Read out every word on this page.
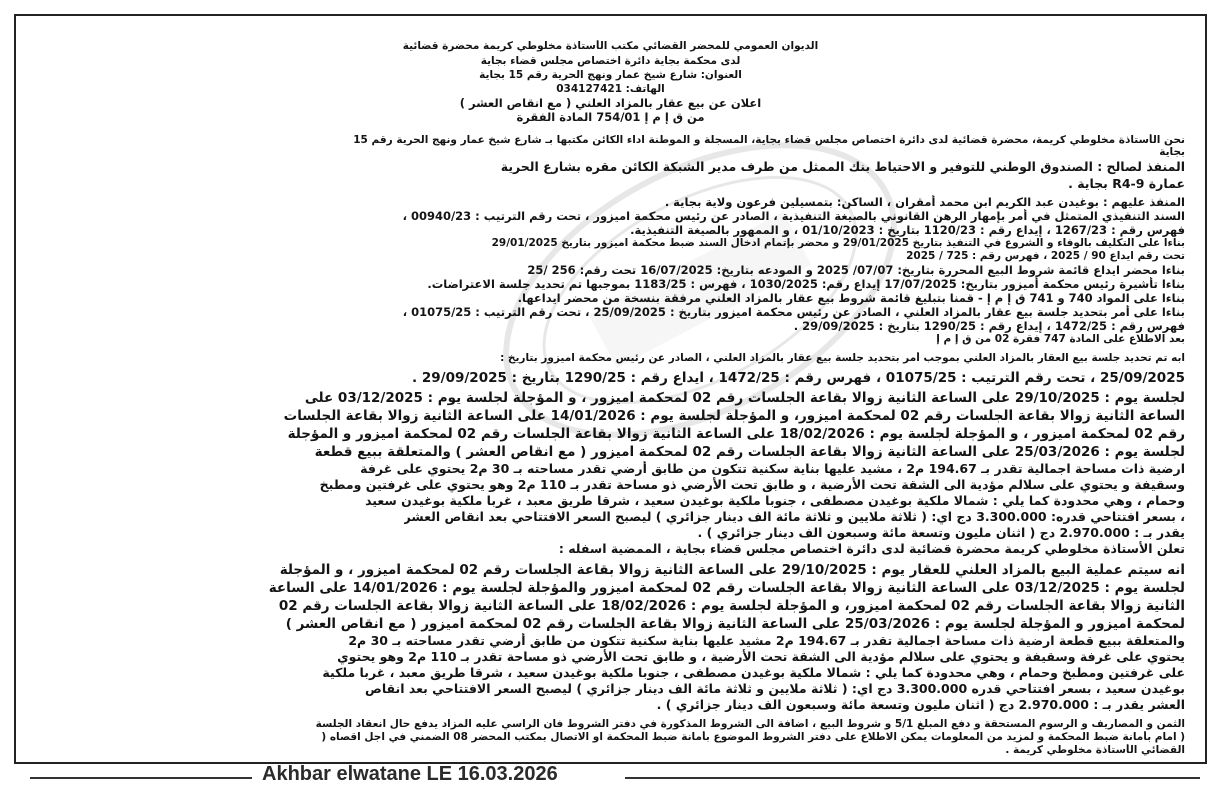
الديوان العمومي للمحضر القضائي مكتب الأستاذة مخلوطي كريمة محضرة قضائية
لدى محكمة بجاية دائرة اختصاص مجلس قضاء بجاية
العنوان: شارع شيخ عمار ونهج الحرية رقم 15 بجاية
الهاتف: 034127421
اعلان عن بيع عقار بالمزاد العلني ( مع انقاص العشر )
من ق إ م إ 754/01 المادة الفقرة
نحن الأستاذة مخلوطي كريمة، محضرة قضائية لدى دائرة اختصاص مجلس قضاء بجاية، المسجلة و الموطنة اداء الكائن مكتبها بـ شارع شيخ عمار ونهج الحرية رقم 15
بجاية
المنفذ لصالح : الصندوق الوطني للتوفير و الاحتياط بنك الممثل من طرف مدير الشبكة الكائن مقره بشارع الحرية
عمارة 9-R4 بجاية .
المنفذ عليهم : بوغيدن عبد الكريم ابن محمد أمقران ، الساكن: بتمسيلين فرعون ولاية بجاية .
السند التنفيذي المتمثل في أمر بإمهار الرهن القانوني بالصيغة التنفيذية ، الصادر عن رئيس محكمة اميزور ، تحت رقم الترتيب : 00940/23 ،
فهرس رقم : 1267/23 ، إيداع رقم : 1120/23 بتاريخ : 01/10/2023 ، و الممهور بالصيغة التنفيذية.
بناءا على التكليف بالوفاء و الشروع في التنفيذ بتاريخ 29/01/2025 و محضر بإتمام ادخال السند ضبط محكمة اميزور بتاريخ 29/01/2025
تحت رقم ايداع 90 / 2025 ، فهرس رقم : 725 / 2025
بناءا محضر ايداع قائمة شروط البيع المحررة بتاريخ: 07/07/ 2025 و المودعه بتاريخ: 16/07/2025 تحت رقم: 256 /25
بناءا تأشيرة رئيس محكمة أميزور بتاريخ: 17/07/2025 إيداع رقم: 1030/2025 ، فهرس : 1183/25 بموجبها تم تحديد جلسة الاعتراضات.
بناءا على المواد 740 و 741 ق إ م إ - قمنا بتبليغ قائمة شروط بيع عقار بالمزاد العلني مرفقة بنسخة من محضر ايداعها.
بناءا على أمر بتحديد جلسة بيع عقار بالمزاد العلني ، الصادر عن رئيس محكمة اميزور بتاريخ : 25/09/2025 ، تحت رقم الترتيب : 01075/25 ،
فهرس رقم : 1472/25 ، إيداع رقم : 1290/25 بتاريخ : 29/09/2025 .
بعد الاطلاع على المادة 747 فقرة 02 من ق إ م إ
ابه تم تحديد جلسة بيع العقار بالمزاد العلني بموجب أمر بتحديد جلسة بيع عقار بالمزاد العلني ، الصادر عن رئيس محكمة اميزور بتاريخ :
25/09/2025 ، تحت رقم الترتيب : 01075/25 ، فهرس رقم : 1472/25 ، ايداع رقم : 1290/25 بتاريخ : 29/09/2025 .
لجلسة يوم : 29/10/2025 على الساعة الثانية زوالا بقاعة الجلسات رقم 02 لمحكمة اميزور ، و المؤجلة لجلسة يوم : 03/12/2025 على
الساعة الثانية زوالا بقاعة الجلسات رقم 02 لمحكمة اميزور، و المؤجلة لجلسة يوم : 14/01/2026 على الساعة الثانية زوالا بقاعة الجلسات
رقم 02 لمحكمة اميزور ، و المؤجلة لجلسة يوم : 18/02/2026 على الساعة الثانية زوالا بقاعة الجلسات رقم 02 لمحكمة اميزور و المؤجلة
لجلسة يوم : 25/03/2026 على الساعة الثانية زوالا بقاعة الجلسات رقم 02 لمحكمة اميزور ( مع انقاص العشر ) والمتعلقة ببيع قطعة
ارضية ذات مساحة اجمالية تقدر بـ 194.67 م2 ، مشيد عليها بناية سكنية تتكون من طابق أرضي تقدر مساحته بـ 30 م2 يحتوي على غرفة
وسقيفة و يحتوي على سلالم مؤدية الى الشقة تحت الأرضية ، و طابق تحت الأرضي ذو مساحة تقدر بـ 110 م2 وهو يحتوي على غرفتين ومطبخ
وحمام ، وهي محدودة كما يلي : شمالا ملكية بوغيدن مصطفى ، جنوبا ملكية بوغيدن سعيد ، شرقا طريق معبد ، غربا ملكية بوغيدن سعيد
، بسعر افتتاحي قدره: 3.300.000 دج اي: ( ثلاثة ملايين و ثلاثة مائة الف دينار جزائري ) ليصبح السعر الافتتاحي بعد انقاص العشر
يقدر بـ : 2.970.000 دج ( اثنان مليون وتسعة مائة وسبعون الف دينار جزائري ) .
تعلن الأستاذة مخلوطي كريمة محضرة قضائية لدى دائرة اختصاص مجلس قضاء بجاية ، الممضية اسفله :
انه سيتم عملية البيع بالمزاد العلني للعقار يوم : 29/10/2025 على الساعة الثانية زوالا بقاعة الجلسات رقم 02 لمحكمة اميزور ، و المؤجلة
لجلسة يوم : 03/12/2025 على الساعة الثانية زوالا بقاعة الجلسات رقم 02 لمحكمة اميزور والمؤجلة لجلسة يوم : 14/01/2026 على الساعة
الثانية زوالا بقاعة الجلسات رقم 02 لمحكمة اميزور، و المؤجلة لجلسة يوم : 18/02/2026 على الساعة الثانية زوالا بقاعة الجلسات رقم 02
لمحكمة اميزور و المؤجلة لجلسة يوم : 25/03/2026 على الساعة الثانية زوالا بقاعة الجلسات رقم 02 لمحكمة اميزور ( مع انقاص العشر )
والمتعلقة ببيع قطعة ارضية ذات مساحة اجمالية تقدر بـ 194.67 م2 مشيد عليها بناية سكنية تتكون من طابق أرضي تقدر مساحته بـ 30 م2
يحتوي على غرفة وسقيفة و يحتوي على سلالم مؤدية الى الشقة تحت الأرضية ، و طابق تحت الأرضي ذو مساحة تقدر بـ 110 م2 وهو يحتوي
على غرفتين ومطبخ وحمام ، وهي محدودة كما يلي : شمالا ملكية بوغيدن مصطفى ، جنوبا ملكية بوغيدن سعيد ، شرقا طريق معبد ، غربا ملكية
بوغيدن سعيد ، بسعر افتتاحي قدره 3.300.000 دج اي: ( ثلاثة ملايين و ثلاثة مائة الف دينار جزائري ) ليصبح السعر الافتتاحي بعد انقاص
العشر يقدر بـ : 2.970.000 دج ( اثنان مليون وتسعة مائة وسبعون الف دينار جزائري ) .
الثمن و المصاريف و الرسوم المستحقة و دفع المبلغ 5/1 و شروط البيع ، اضافة الى الشروط المذكورة في دفتر الشروط فان الراسي عليه المزاد يدفع حال انعقاد الجلسة
( امام بأمانة ضبط المحكمة و لمزيد من المعلومات يمكن الاطلاع على دفتر الشروط الموضوع بأمانة ضبط المحكمة او الاتصال بمكتب المحضر 08 الضمني في اجل اقصاه (
القضائي الأستاذة مخلوطي كريمة .
Akhbar elwatane LE 16.03.2026
